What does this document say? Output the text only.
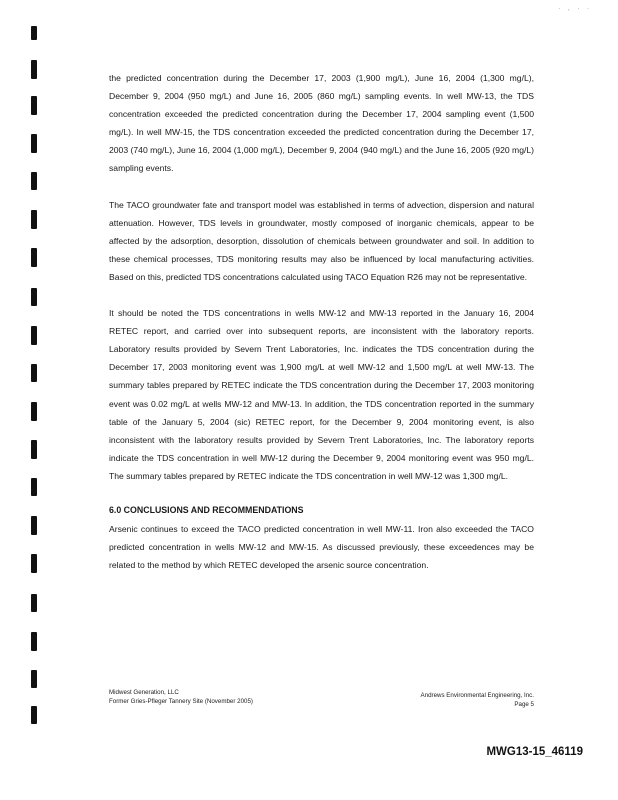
· , · ·

the predicted concentration during the December 17, 2003 (1,900 mg/L), June 16, 2004 (1,300 mg/L), December 9, 2004 (950 mg/L) and June 16, 2005 (860 mg/L) sampling events. In well MW-13, the TDS concentration exceeded the predicted concentration during the December 17, 2004 sampling event (1,500 mg/L). In well MW-15, the TDS concentration exceeded the predicted concentration during the December 17, 2003 (740 mg/L), June 16, 2004 (1,000 mg/L), December 9, 2004 (940 mg/L) and the June 16, 2005 (920 mg/L) sampling events.

The TACO groundwater fate and transport model was established in terms of advection, dispersion and natural attenuation. However, TDS levels in groundwater, mostly composed of inorganic chemicals, appear to be affected by the adsorption, desorption, dissolution of chemicals between groundwater and soil. In addition to these chemical processes, TDS monitoring results may also be influenced by local manufacturing activities. Based on this, predicted TDS concentrations calculated using TACO Equation R26 may not be representative.

It should be noted the TDS concentrations in wells MW-12 and MW-13 reported in the January 16, 2004 RETEC report, and carried over into subsequent reports, are inconsistent with the laboratory reports. Laboratory results provided by Severn Trent Laboratories, Inc. indicates the TDS concentration during the December 17, 2003 monitoring event was 1,900 mg/L at well MW-12 and 1,500 mg/L at well MW-13. The summary tables prepared by RETEC indicate the TDS concentration during the December 17, 2003 monitoring event was 0.02 mg/L at wells MW-12 and MW-13. In addition, the TDS concentration reported in the summary table of the January 5, 2004 (sic) RETEC report, for the December 9, 2004 monitoring event, is also inconsistent with the laboratory results provided by Severn Trent Laboratories, Inc. The laboratory reports indicate the TDS concentration in well MW-12 during the December 9, 2004 monitoring event was 950 mg/L. The summary tables prepared by RETEC indicate the TDS concentration in well MW-12 was 1,300 mg/L.

6.0 CONCLUSIONS AND RECOMMENDATIONS

Arsenic continues to exceed the TACO predicted concentration in well MW-11. Iron also exceeded the TACO predicted concentration in wells MW-12 and MW-15. As discussed previously, these exceedences may be related to the method by which RETEC developed the arsenic source concentration.

Midwest Generation, LLC
Former Gries-Pfleger Tannery Site (November 2005)
Andrews Environmental Engineering, Inc.
Page 5
MWG13-15_46119
